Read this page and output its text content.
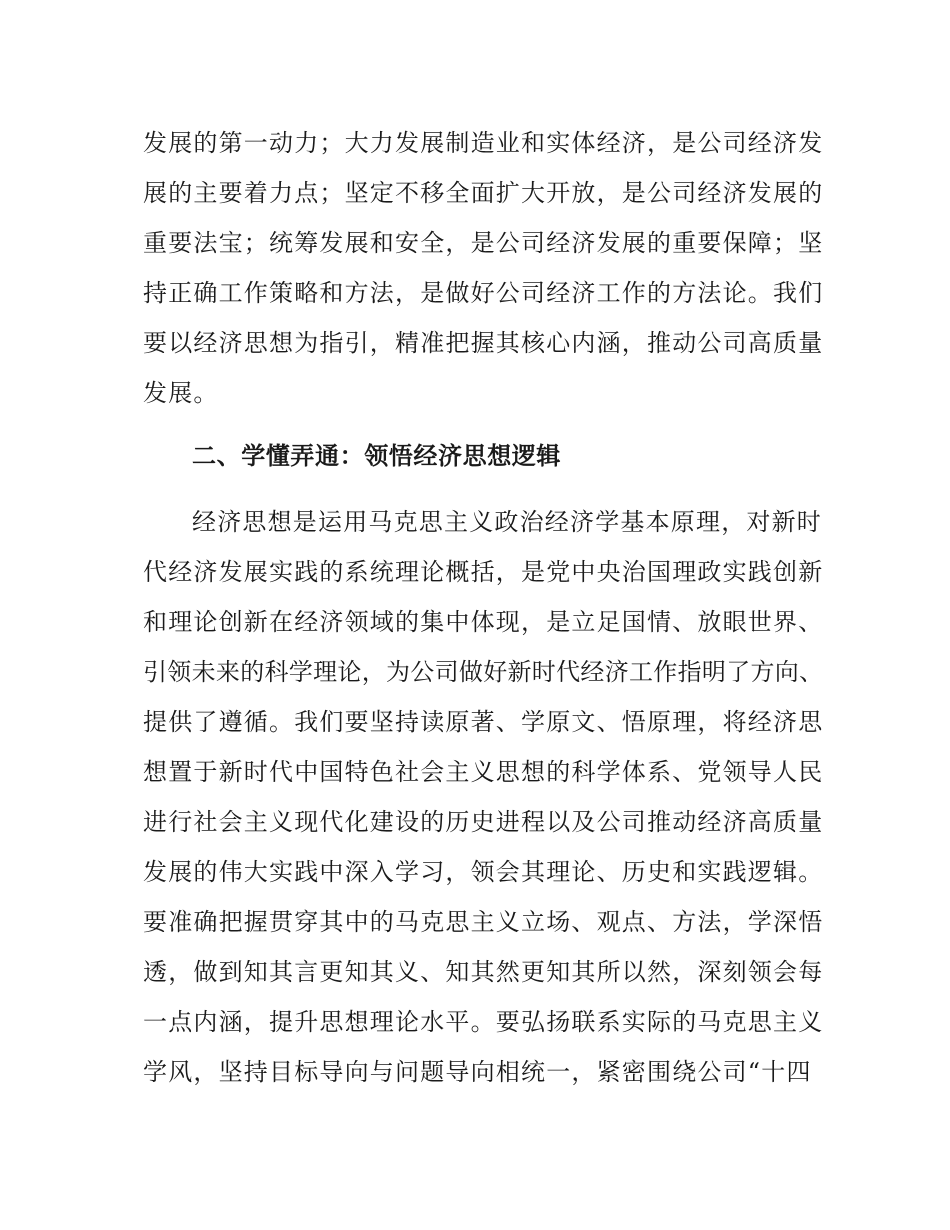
发展的第一动力；大力发展制造业和实体经济，是公司经济发
展的主要着力点；坚定不移全面扩大开放，是公司经济发展的
重要法宝；统筹发展和安全，是公司经济发展的重要保障；坚
持正确工作策略和方法，是做好公司经济工作的方法论。我们
要以经济思想为指引，精准把握其核心内涵，推动公司高质量
发展。
二、学懂弄通：领悟经济思想逻辑
经济思想是运用马克思主义政治经济学基本原理，对新时
代经济发展实践的系统理论概括，是党中央治国理政实践创新
和理论创新在经济领域的集中体现，是立足国情、放眼世界、
引领未来的科学理论，为公司做好新时代经济工作指明了方向、
提供了遵循。我们要坚持读原著、学原文、悟原理，将经济思
想置于新时代中国特色社会主义思想的科学体系、党领导人民
进行社会主义现代化建设的历史进程以及公司推动经济高质量
发展的伟大实践中深入学习，领会其理论、历史和实践逻辑。
要准确把握贯穿其中的马克思主义立场、观点、方法，学深悟
透，做到知其言更知其义、知其然更知其所以然，深刻领会每
一点内涵，提升思想理论水平。要弘扬联系实际的马克思主义
学风，坚持目标导向与问题导向相统一，紧密围绕公司“十四
